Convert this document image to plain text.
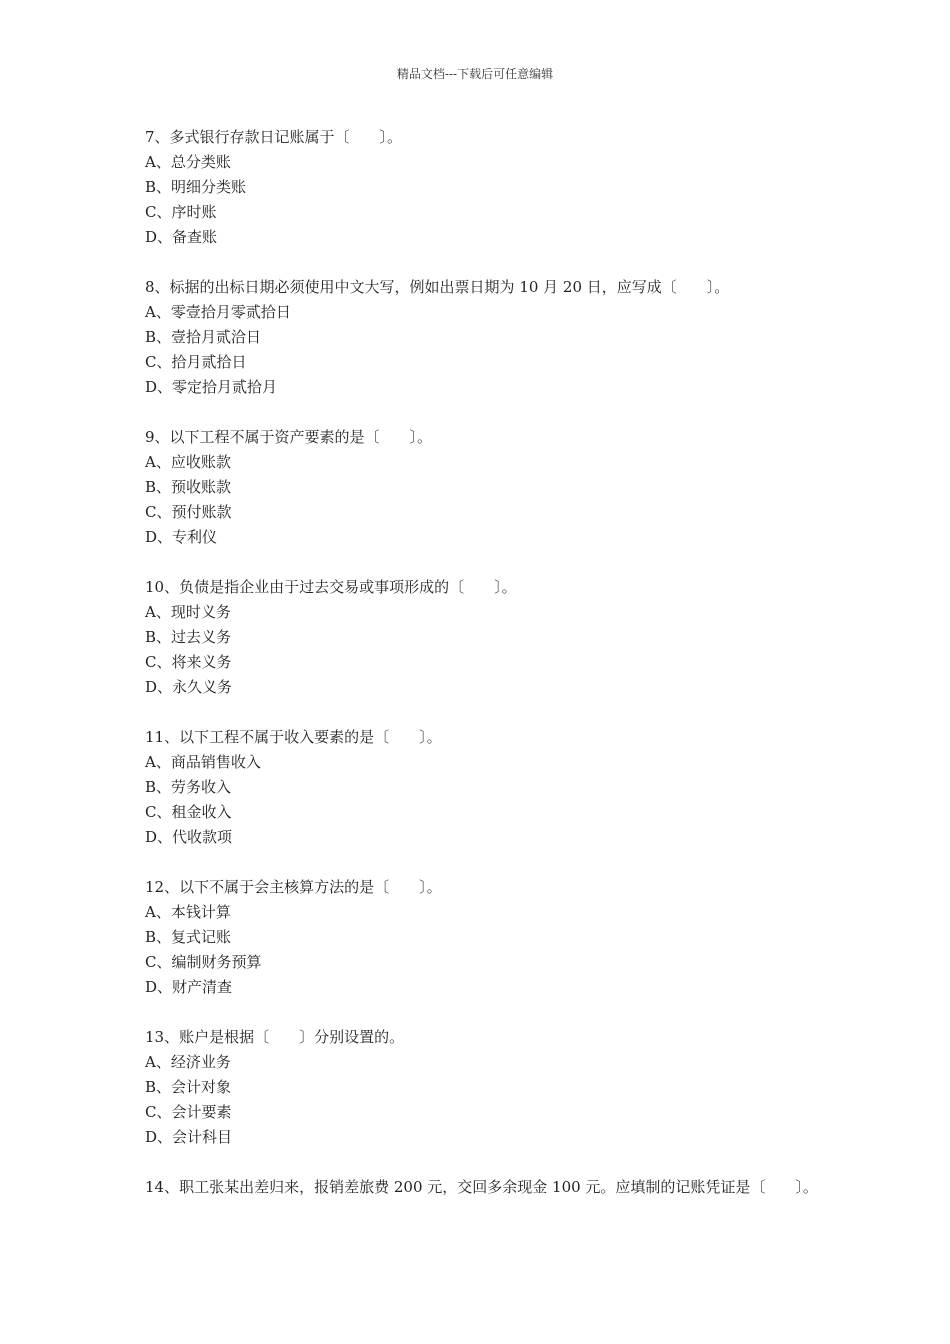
精品文档---下载后可任意编辑
7、多式银行存款日记账属于〔　　〕。
A、总分类账
B、明细分类账
C、序时账
D、备查账
8、标据的出标日期必须使用中文大写，例如出票日期为 10 月 20 日，应写成〔　　〕。
A、零壹拾月零贰拾日
B、壹拾月贰洽日
C、拾月贰拾日
D、零定拾月贰拾月
9、以下工程不属于资产要素的是〔　　〕。
A、应收账款
B、预收账款
C、预付账款
D、专利仪
10、负债是指企业由于过去交易或事项形成的〔　　〕。
A、现时义务
B、过去义务
C、将来义务
D、永久义务
11、以下工程不属于收入要素的是〔　　〕。
A、商品销售收入
B、劳务收入
C、租金收入
D、代收款项
12、以下不属于会主核算方法的是〔　　〕。
A、本钱计算
B、复式记账
C、编制财务预算
D、财产清查
13、账户是根据〔　　〕分别设置的。
A、经济业务
B、会计对象
C、会计要素
D、会计科目
14、职工张某出差归来，报销差旅费 200 元，交回多余现金 100 元。应填制的记账凭证是〔　　〕。
